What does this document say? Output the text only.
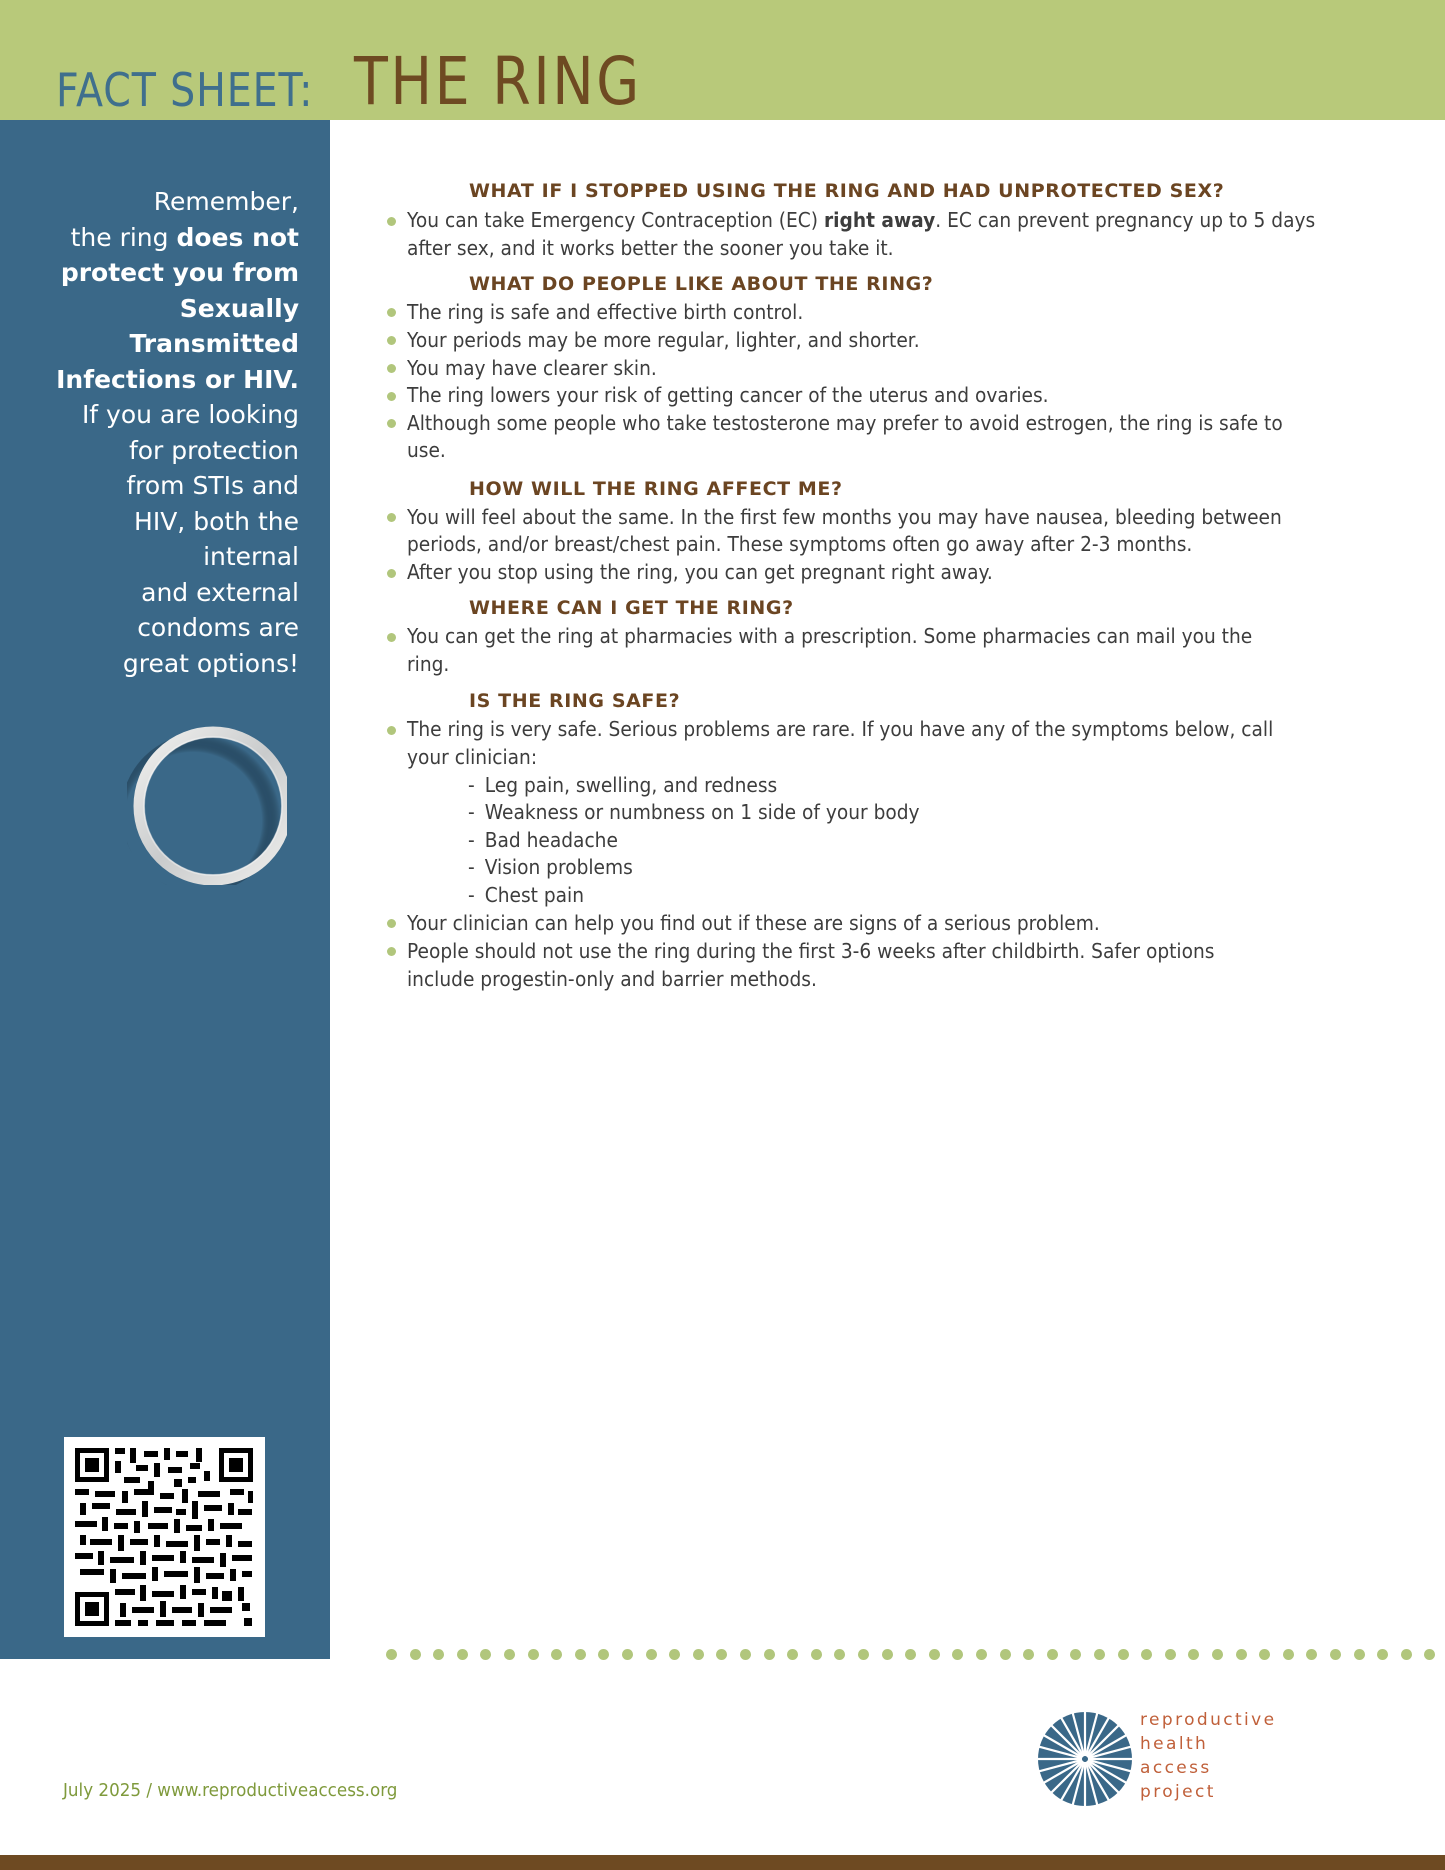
FACT SHEET: THE RING
Remember,
the ring does not
protect you from
Sexually
Transmitted
Infections or HIV.
If you are looking
for protection
from STIs and
HIV, both the
internal
and external
condoms are
great options!
WHAT IF I STOPPED USING THE RING AND HAD UNPROTECTED SEX?
You can take Emergency Contraception (EC) right away. EC can prevent pregnancy up to 5 days
after sex, and it works better the sooner you take it.
WHAT DO PEOPLE LIKE ABOUT THE RING?
The ring is safe and effective birth control.
Your periods may be more regular, lighter, and shorter.
You may have clearer skin.
The ring lowers your risk of getting cancer of the uterus and ovaries.
Although some people who take testosterone may prefer to avoid estrogen, the ring is safe to
use.
HOW WILL THE RING AFFECT ME?
You will feel about the same. In the first few months you may have nausea, bleeding between
periods, and/or breast/chest pain. These symptoms often go away after 2-3 months.
After you stop using the ring, you can get pregnant right away.
WHERE CAN I GET THE RING?
You can get the ring at pharmacies with a prescription. Some pharmacies can mail you the
ring.
IS THE RING SAFE?
The ring is very safe. Serious problems are rare. If you have any of the symptoms below, call
your clinician:
- Leg pain, swelling, and redness
- Weakness or numbness on 1 side of your body
- Bad headache
- Vision problems
- Chest pain
Your clinician can help you find out if these are signs of a serious problem.
People should not use the ring during the first 3-6 weeks after childbirth. Safer options
include progestin-only and barrier methods.
July 2025 / www.reproductiveaccess.org
reproductive
health
access
project
